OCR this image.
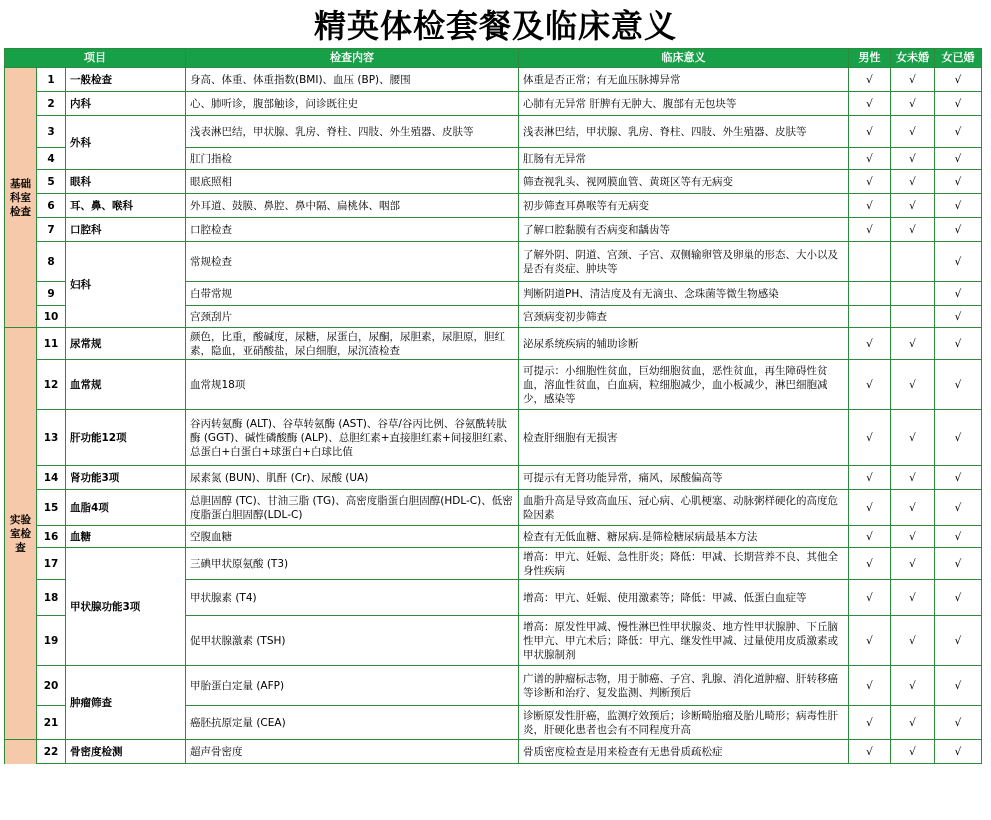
精英体检套餐及临床意义
项目			检查内容	临床意义	男性	女未婚	女已婚
基础科室检查	1	一般检查	身高、体重、体重指数(BMI)、血压 (BP)、腰围	体重是否正常；有无血压脉搏异常	√	√	√
	2	内科	心、肺听诊，腹部触诊，问诊既往史	心肺有无异常 肝脾有无肿大、腹部有无包块等	√	√	√
	3	外科	浅表淋巴结，甲状腺、乳房、脊柱、四肢、外生殖器、皮肤等	浅表淋巴结，甲状腺、乳房、脊柱、四肢、外生殖器、皮肤等	√	√	√
	4		肛门指检	肛肠有无异常	√	√	√
	5	眼科	眼底照相	筛查视乳头、视网膜血管、黄斑区等有无病变	√	√	√
	6	耳、鼻、喉科	外耳道、鼓膜、鼻腔、鼻中隔、扁桃体、咽部	初步筛查耳鼻喉等有无病变	√	√	√
	7	口腔科	口腔检查	了解口腔黏膜有否病变和龋齿等	√	√	√
	8	妇科	常规检查	了解外阴、阴道、宫颈、子宫、双侧输卵管及卵巢的形态、大小以及是否有炎症、肿块等			√
	9		白带常规	判断阴道PH、清洁度及有无滴虫、念珠菌等微生物感染			√
	10		宫颈刮片	宫颈病变初步筛查			√
实验室检查	11	尿常规	颜色，比重，酸碱度，尿糖，尿蛋白，尿酮，尿胆素，尿胆原，胆红素，隐血，亚硝酸盐，尿白细胞，尿沉渣检查	泌尿系统疾病的辅助诊断	√	√	√
	12	血常规	血常规18项	可提示：小细胞性贫血，巨幼细胞贫血，恶性贫血，再生障碍性贫血，溶血性贫血，白血病，粒细胞减少，血小板减少，淋巴细胞减少，感染等	√	√	√
	13	肝功能12项	谷丙转氨酶 (ALT)、谷草转氨酶 (AST)、谷草/谷丙比例、谷氨酰转肽酶 (GGT)、碱性磷酸酶 (ALP)、总胆红素+直接胆红素+间接胆红素、总蛋白+白蛋白+球蛋白+白球比值	检查肝细胞有无损害	√	√	√
	14	肾功能3项	尿素氮 (BUN)、肌酐 (Cr)、尿酸 (UA)	可提示有无肾功能异常，痛风，尿酸偏高等	√	√	√
	15	血脂4项	总胆固醇 (TC)、甘油三脂 (TG)、高密度脂蛋白胆固醇(HDL-C)、低密度脂蛋白胆固醇(LDL-C)	血脂升高是导致高血压、冠心病、心肌梗塞、动脉粥样硬化的高度危险因素	√	√	√
	16	血糖	空腹血糖	检查有无低血糖、糖尿病.是筛检糖尿病最基本方法	√	√	√
	17	甲状腺功能3项	三碘甲状原氨酸 (T3)	增高：甲亢、妊娠、急性肝炎；降低：甲减、长期营养不良、其他全身性疾病	√	√	√
	18		甲状腺素 (T4)	增高：甲亢、妊娠、使用激素等；降低：甲减、低蛋白血症等	√	√	√
	19		促甲状腺激素 (TSH)	增高：原发性甲减、慢性淋巴性甲状腺炎、地方性甲状腺肿、下丘脑性甲亢、甲亢术后；降低：甲亢、继发性甲减、过量使用皮质激素或甲状腺制剂	√	√	√
	20	肿瘤筛查	甲胎蛋白定量 (AFP)	广谱的肿瘤标志物，用于肺癌、子宫、乳腺、消化道肿瘤、肝转移癌等诊断和治疗、复发监测、判断预后	√	√	√
	21		癌胚抗原定量 (CEA)	诊断原发性肝癌，监测疗效预后；诊断畸胎瘤及胎儿畸形；病毒性肝炎，肝硬化患者也会有不同程度升高	√	√	√
	22	骨密度检测	超声骨密度	骨质密度检查是用来检查有无患骨质疏松症	√	√	√
